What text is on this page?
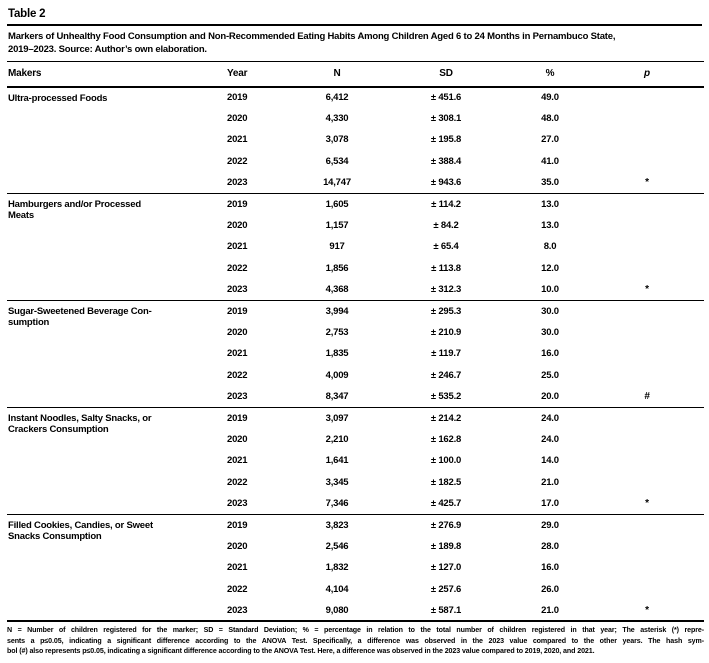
Table 2
Markers of Unhealthy Food Consumption and Non-Recommended Eating Habits Among Children Aged 6 to 24 Months in Pernambuco State,
2019–2023. Source: Author’s own elaboration.
Makers	Year	N	SD	%	p

Ultra-processed Foods	2019	6,412	± 451.6	49.0	
	2020	4,330	± 308.1	48.0	
	2021	3,078	± 195.8	27.0	
	2022	6,534	± 388.4	41.0	
	2023	14,747	± 943.6	35.0	*

Hamburgers and/or Processed
Meats	2019	1,605	± 114.2	13.0	
	2020	1,157	± 84.2	13.0	
	2021	917	± 65.4	8.0	
	2022	1,856	± 113.8	12.0	
	2023	4,368	± 312.3	10.0	*

Sugar-Sweetened Beverage Con-
sumption	2019	3,994	± 295.3	30.0	
	2020	2,753	± 210.9	30.0	
	2021	1,835	± 119.7	16.0	
	2022	4,009	± 246.7	25.0	
	2023	8,347	± 535.2	20.0	#

Instant Noodles, Salty Snacks, or
Crackers Consumption	2019	3,097	± 214.2	24.0	
	2020	2,210	± 162.8	24.0	
	2021	1,641	± 100.0	14.0	
	2022	3,345	± 182.5	21.0	
	2023	7,346	± 425.7	17.0	*

Filled Cookies, Candies, or Sweet
Snacks Consumption	2019	3,823	± 276.9	29.0	
	2020	2,546	± 189.8	28.0	
	2021	1,832	± 127.0	16.0	
	2022	4,104	± 257.6	26.0	
	2023	9,080	± 587.1	21.0	*
N = Number of children registered for the marker; SD = Standard Deviation; % = percentage in relation to the total number of children registered in that year; The asterisk (*) repre-
sents a p≤0.05, indicating a significant difference according to the ANOVA Test. Specifically, a difference was observed in the 2023 value compared to the other years. The hash sym-
bol (#) also represents p≤0.05, indicating a significant difference according to the ANOVA Test. Here, a difference was observed in the 2023 value compared to 2019, 2020, and 2021.
